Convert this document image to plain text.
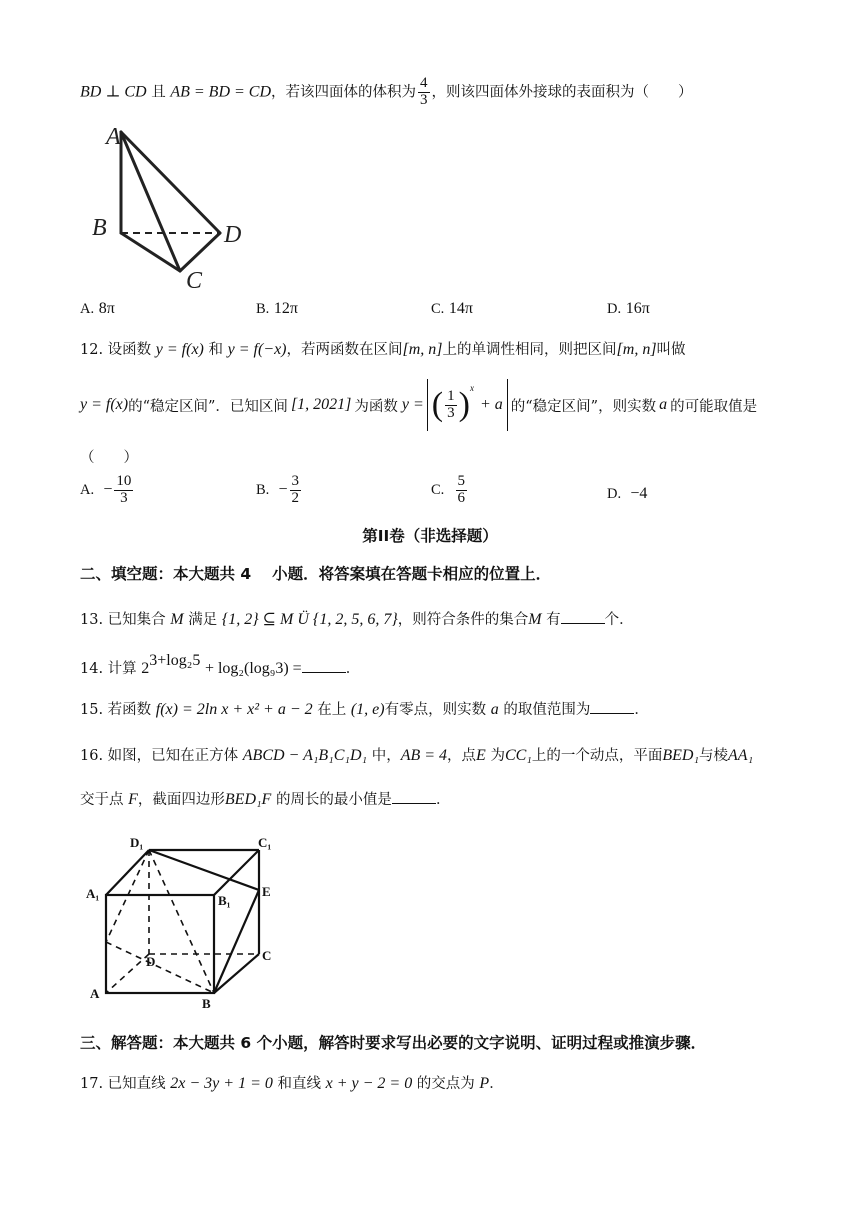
BD ⊥ CD 且 AB = BD = CD，若该四面体的体积为 $\frac{4}{3}$ ，则该四面体外接球的表面积为（　　）
A
B	D
C
A. 8π	B. 12π	C. 14π	D. 16π
12. 设函数 y = f(x) 和 y = f(−x)，若两函数在区间[m, n]上的单调性相同，则把区间[m, n]叫做
y = f(x) 的“稳定区间”．已知区间 [1, 2021] 为函数 y = ( $\frac{1}{3} )^x$
+ a 的“稳定区间”，则实数 a 的可能取值是
（　　）
A.
− $\frac{10}{3}$	B.
− $\frac{3}{2}$	C.
$\frac{5}{6}$	D. −4
第II卷（非选择题）
二、填空题：本大题共 4　 小题．将答案填在答题卡相应的位置上．
13. 已知集合 M 满足 {1, 2} ⊆ M Ü {1, 2, 5, 6, 7}，则符合条件的集合M 有	个．
14. 计算 $2^{3+log_25} + \log_2(\log_93)$ =	．
15. 若函数 f(x) = 2ln x + x² + a − 2 在上 (1, e)有零点，则实数 a 的取值范围为	．
16. 如图，已知在正方体 ABCD − A₁B₁C₁D₁ 中，AB = 4，点E 为CC₁上的一个动点，平面BED₁与棱AA₁
交于点 F，截面四边形BED₁F 的周长的最小值是	．
D₁	C₁
A₁	B₁
E
D	C
A
B
三、解答题：本大题共 6 个小题，解答时要求写出必要的文字说明、证明过程或推演步骤．
17. 已知直线 2x − 3y + 1 = 0 和直线 x + y − 2 = 0 的交点为 P．
